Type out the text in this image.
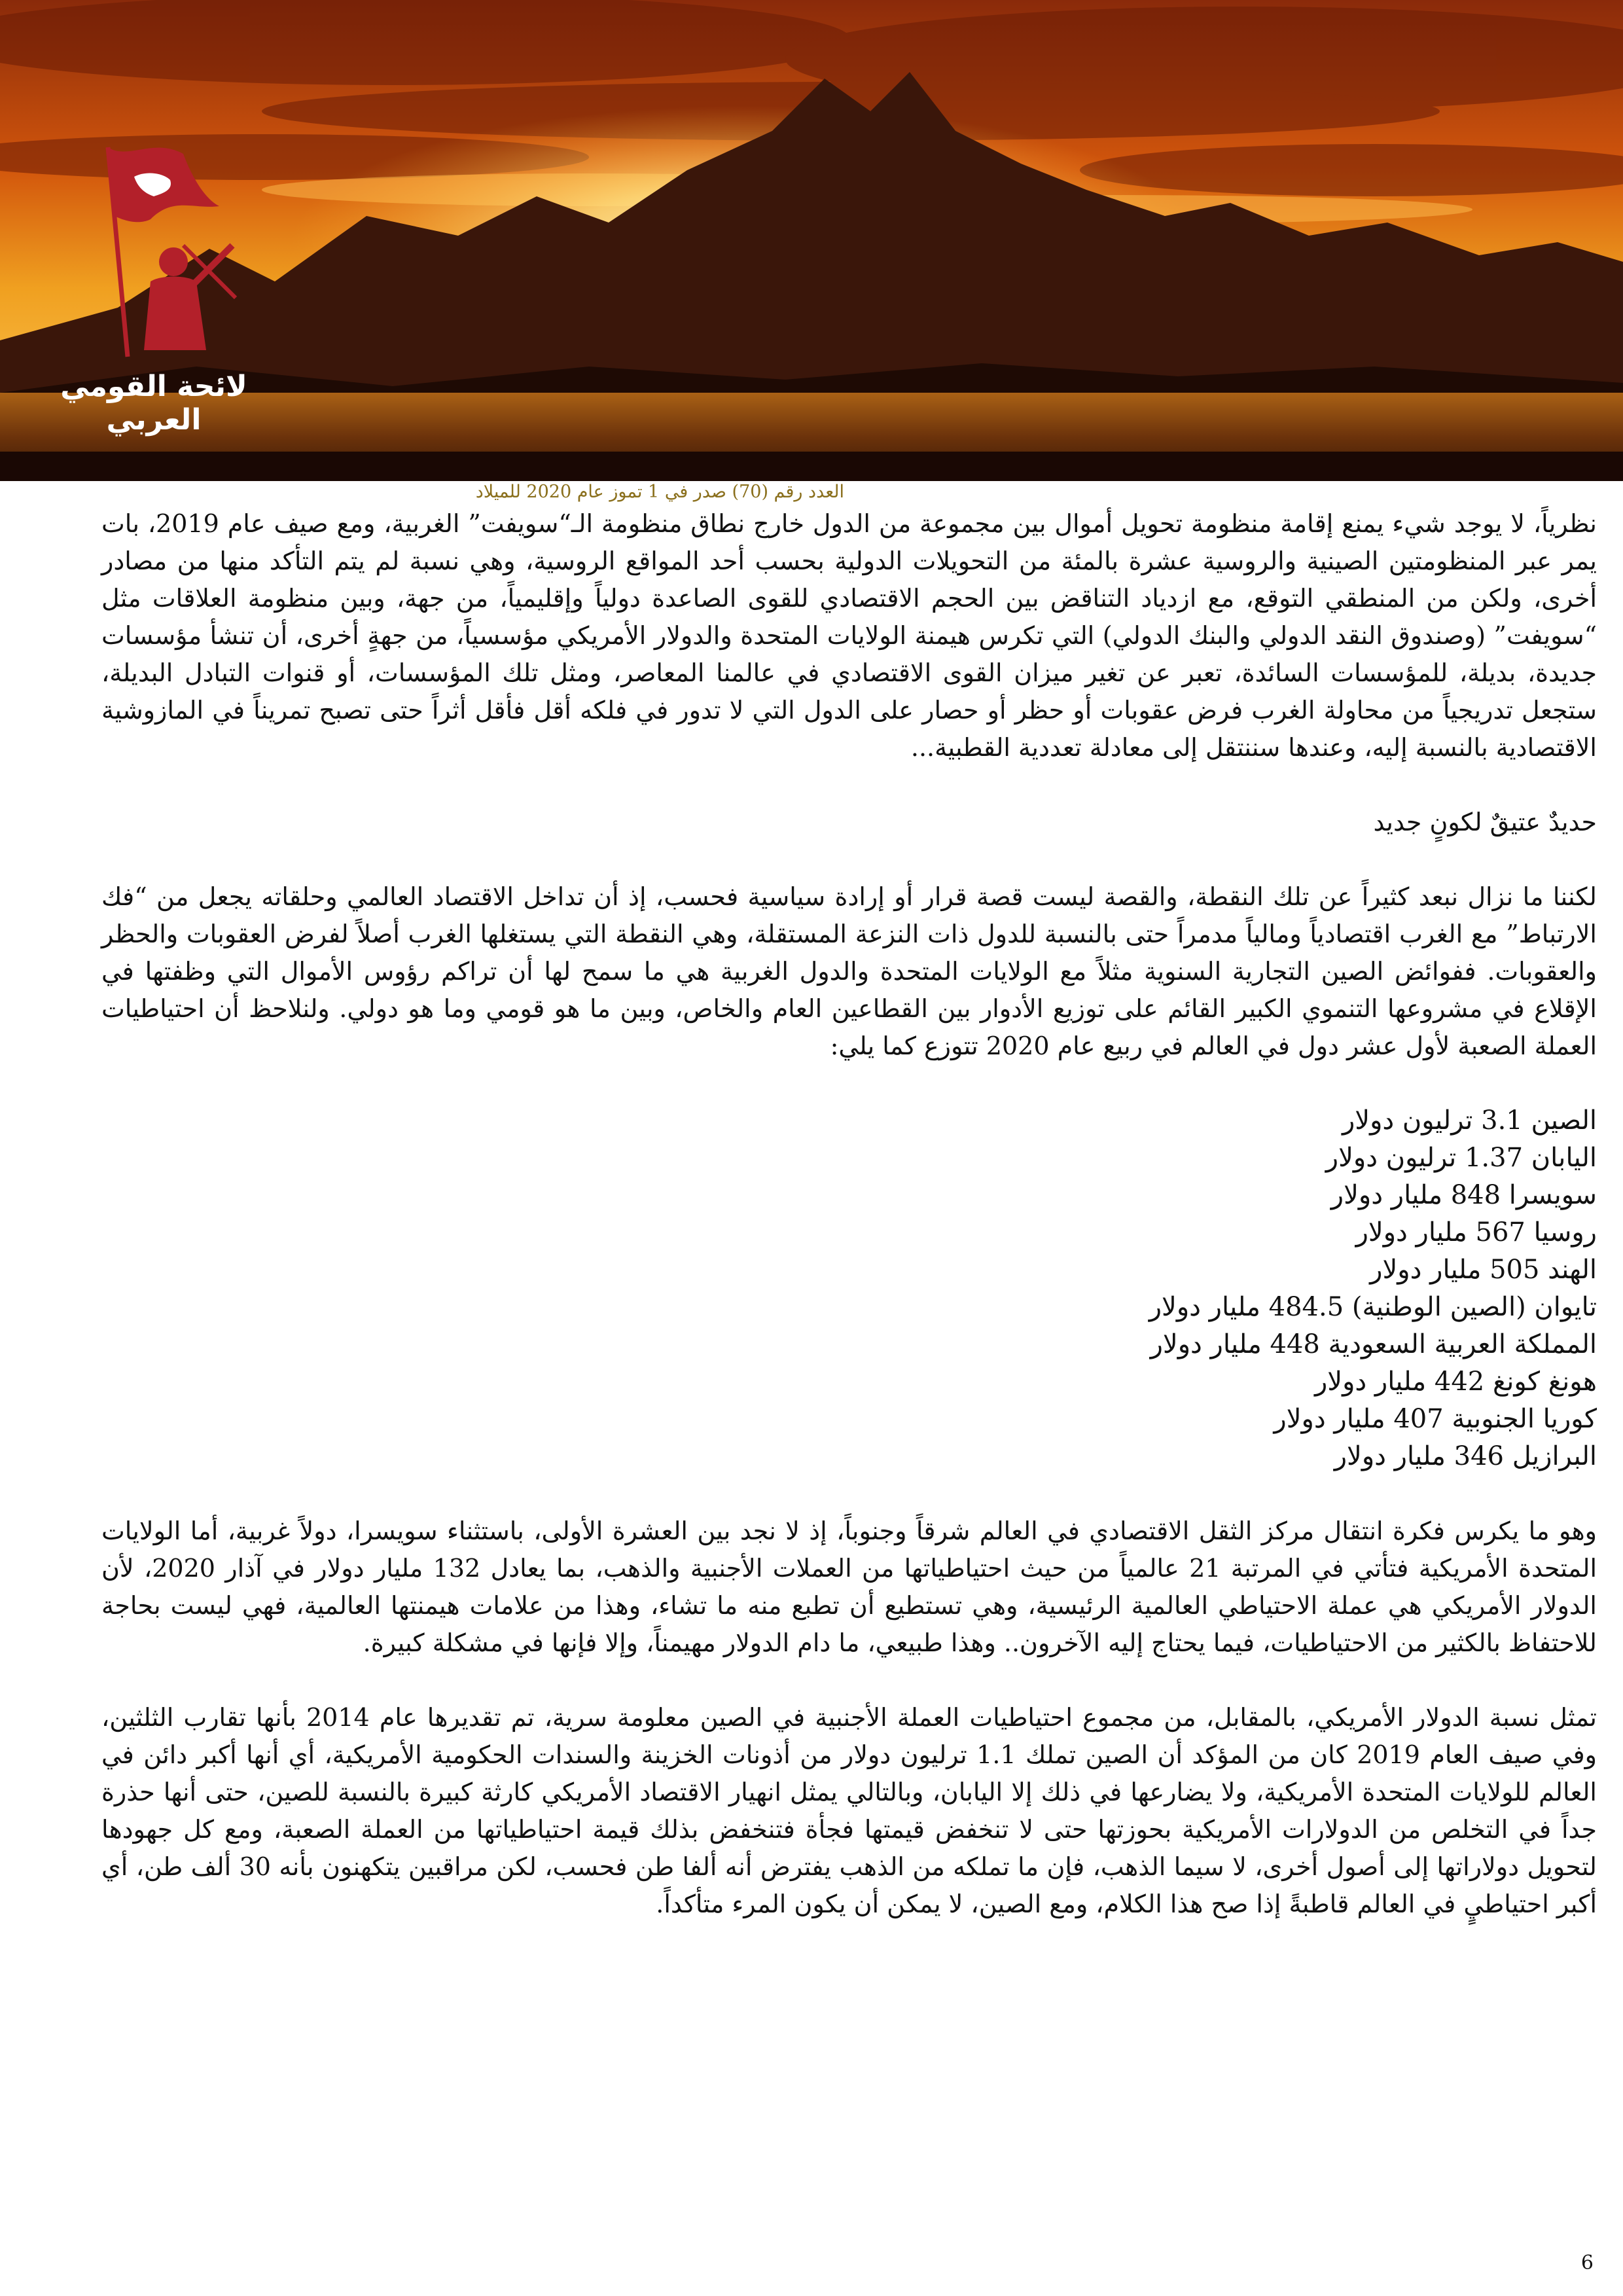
لائحة القومي العربي
العدد رقم (70) صدر في 1 تموز عام 2020 للميلاد

نظرياً، لا يوجد شيء يمنع إقامة منظومة تحويل أموال بين مجموعة من الدول خارج نطاق منظومة الـ“سويفت” الغربية، ومع صيف عام 2019، بات يمر عبر المنظومتين الصينية والروسية عشرة بالمئة من التحويلات الدولية بحسب أحد المواقع الروسية، وهي نسبة لم يتم التأكد منها من مصادر أخرى، ولكن من المنطقي التوقع، مع ازدياد التناقض بين الحجم الاقتصادي للقوى الصاعدة دولياً وإقليمياً، من جهة، وبين منظومة العلاقات مثل “سويفت” (وصندوق النقد الدولي والبنك الدولي) التي تكرس هيمنة الولايات المتحدة والدولار الأمريكي مؤسسياً، من جهةٍ أخرى، أن تنشأ مؤسسات جديدة، بديلة، للمؤسسات السائدة، تعبر عن تغير ميزان القوى الاقتصادي في عالمنا المعاصر، ومثل تلك المؤسسات، أو قنوات التبادل البديلة، ستجعل تدريجياً من محاولة الغرب فرض عقوبات أو حظر أو حصار على الدول التي لا تدور في فلكه أقل فأقل أثراً حتى تصبح تمريناً في المازوشية الاقتصادية بالنسبة إليه، وعندها سننتقل إلى معادلة تعددية القطبية...

حديدٌ عتيقٌ لكونٍ جديد

لكننا ما نزال نبعد كثيراً عن تلك النقطة، والقصة ليست قصة قرار أو إرادة سياسية فحسب، إذ أن تداخل الاقتصاد العالمي وحلقاته يجعل من “فك الارتباط” مع الغرب اقتصادياً ومالياً مدمراً حتى بالنسبة للدول ذات النزعة المستقلة، وهي النقطة التي يستغلها الغرب أصلاً لفرض العقوبات والحظر والعقوبات. ففوائض الصين التجارية السنوية مثلاً مع الولايات المتحدة والدول الغربية هي ما سمح لها أن تراكم رؤوس الأموال التي وظفتها في الإقلاع في مشروعها التنموي الكبير القائم على توزيع الأدوار بين القطاعين العام والخاص، وبين ما هو قومي وما هو دولي. ولنلاحظ أن احتياطيات العملة الصعبة لأول عشر دول في العالم في ربيع عام 2020 تتوزع كما يلي:

الصين 3.1 ترليون دولار
اليابان 1.37 ترليون دولار
سويسرا 848 مليار دولار
روسيا 567 مليار دولار
الهند 505 مليار دولار
تايوان (الصين الوطنية) 484.5 مليار دولار
المملكة العربية السعودية 448 مليار دولار
هونغ كونغ 442 مليار دولار
كوريا الجنوبية 407 مليار دولار
البرازيل 346 مليار دولار

وهو ما يكرس فكرة انتقال مركز الثقل الاقتصادي في العالم شرقاً وجنوباً، إذ لا نجد بين العشرة الأولى، باستثناء سويسرا، دولاً غربية، أما الولايات المتحدة الأمريكية فتأتي في المرتبة 21 عالمياً من حيث احتياطياتها من العملات الأجنبية والذهب، بما يعادل 132 مليار دولار في آذار 2020، لأن الدولار الأمريكي هي عملة الاحتياطي العالمية الرئيسية، وهي تستطيع أن تطبع منه ما تشاء، وهذا من علامات هيمنتها العالمية، فهي ليست بحاجة للاحتفاظ بالكثير من الاحتياطيات، فيما يحتاج إليه الآخرون.. وهذا طبيعي، ما دام الدولار مهيمناً، وإلا فإنها في مشكلة كبيرة.

تمثل نسبة الدولار الأمريكي، بالمقابل، من مجموع احتياطيات العملة الأجنبية في الصين معلومة سرية، تم تقديرها عام 2014 بأنها تقارب الثلثين، وفي صيف العام 2019 كان من المؤكد أن الصين تملك 1.1 ترليون دولار من أذونات الخزينة والسندات الحكومية الأمريكية، أي أنها أكبر دائن في العالم للولايات المتحدة الأمريكية، ولا يضارعها في ذلك إلا اليابان، وبالتالي يمثل انهيار الاقتصاد الأمريكي كارثة كبيرة بالنسبة للصين، حتى أنها حذرة جداً في التخلص من الدولارات الأمريكية بحوزتها حتى لا تنخفض قيمتها فجأة فتنخفض بذلك قيمة احتياطياتها من العملة الصعبة، ومع كل جهودها لتحويل دولاراتها إلى أصول أخرى، لا سيما الذهب، فإن ما تملكه من الذهب يفترض أنه ألفا طن فحسب، لكن مراقبين يتكهنون بأنه 30 ألف طن، أي أكبر احتياطيٍ في العالم قاطبةً إذا صح هذا الكلام، ومع الصين، لا يمكن أن يكون المرء متأكداً.

6
